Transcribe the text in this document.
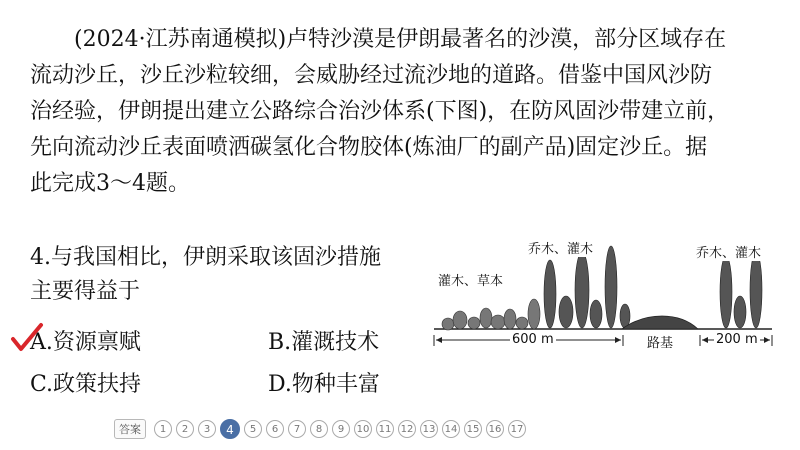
(2024·江苏南通模拟)卢特沙漠是伊朗最著名的沙漠，部分区域存在
流动沙丘，沙丘沙粒较细，会威胁经过流沙地的道路。借鉴中国风沙防
治经验，伊朗提出建立公路综合治沙体系(下图)，在防风固沙带建立前，
先向流动沙丘表面喷洒碳氢化合物胶体(炼油厂的副产品)固定沙丘。据
此完成3～4题。
4.与我国相比，伊朗采取该固沙措施
主要得益于
A.资源禀赋	B.灌溉技术
C.政策扶持	D.物种丰富
乔木、灌木
灌木、草本
乔木、灌木
600 m	路基	200 m
答案	1	2	3	4	5	6	7	8	9	10 11 12 13 14 15 16 17
